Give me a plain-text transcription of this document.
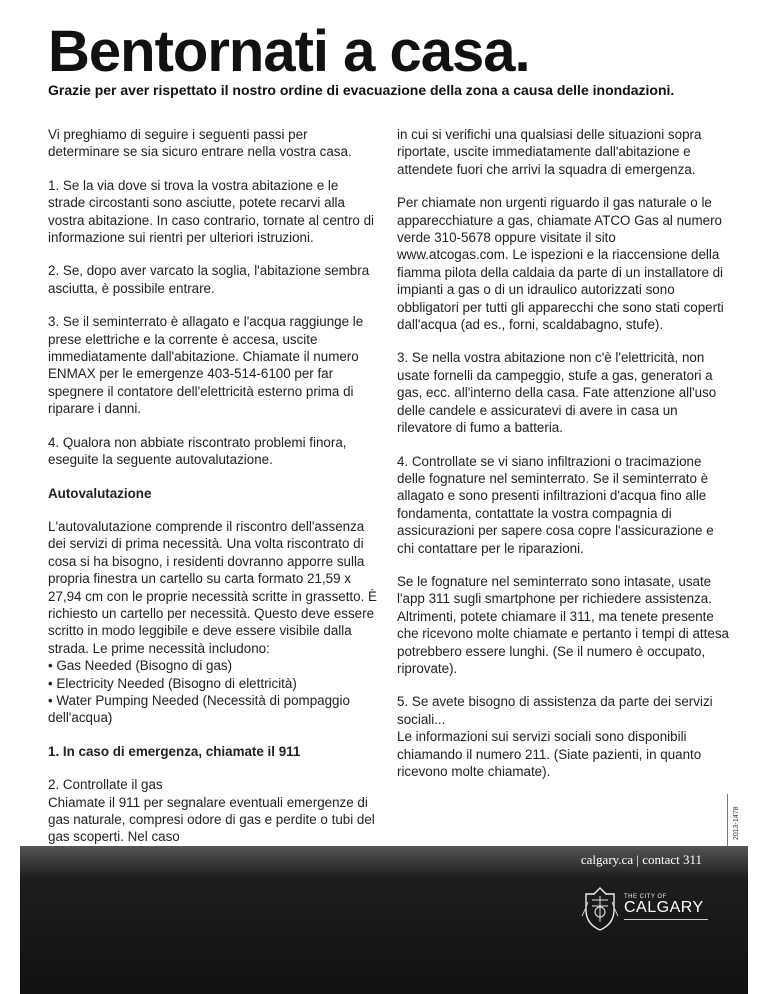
Bentornati a casa.
Grazie per aver rispettato il nostro ordine di evacuazione della zona a causa delle inondazioni.

Vi preghiamo di seguire i seguenti passi per determinare se sia sicuro entrare nella vostra casa.

1. Se la via dove si trova la vostra abitazione e le strade circostanti sono asciutte, potete recarvi alla vostra abitazione. In caso contrario, tornate al centro di informazione sui rientri per ulteriori istruzioni.

2. Se, dopo aver varcato la soglia, l'abitazione sembra asciutta, è possibile entrare.

3. Se il seminterrato è allagato e l'acqua raggiunge le prese elettriche e la corrente è accesa, uscite immediatamente dall'abitazione. Chiamate il numero ENMAX per le emergenze 403-514-6100 per far spegnere il contatore dell'elettricità esterno prima di riparare i danni.

4. Qualora non abbiate riscontrato problemi finora, eseguite la seguente autovalutazione.

Autovalutazione

L'autovalutazione comprende il riscontro dell'assenza dei servizi di prima necessità. Una volta riscontrato di cosa si ha bisogno, i residenti dovranno apporre sulla propria finestra un cartello su carta formato 21,59 x 27,94 cm con le proprie necessità scritte in grassetto. È richiesto un cartello per necessità. Questo deve essere scritto in modo leggibile e deve essere visibile dalla strada. Le prime necessità includono:
• Gas Needed (Bisogno di gas)
• Electricity Needed (Bisogno di elettricità)
• Water Pumping Needed (Necessità di pompaggio dell'acqua)

1. In caso di emergenza, chiamate il 911

2. Controllate il gas
Chiamate il 911 per segnalare eventuali emergenze di gas naturale, compresi odore di gas e perdite o tubi del gas scoperti. Nel caso

in cui si verifichi una qualsiasi delle situazioni sopra riportate, uscite immediatamente dall'abitazione e attendete fuori che arrivi la squadra di emergenza.

Per chiamate non urgenti riguardo il gas naturale o le apparecchiature a gas, chiamate ATCO Gas al numero verde 310-5678 oppure visitate il sito www.atcogas.com. Le ispezioni e la riaccensione della fiamma pilota della caldaia da parte di un installatore di impianti a gas o di un idraulico autorizzati sono obbligatori per tutti gli apparecchi che sono stati coperti dall'acqua (ad es., forni, scaldabagno, stufe).

3. Se nella vostra abitazione non c'è l'elettricità, non usate fornelli da campeggio, stufe a gas, generatori a gas, ecc. all'interno della casa. Fate attenzione all'uso delle candele e assicuratevi di avere in casa un rilevatore di fumo a batteria.

4. Controllate se vi siano infiltrazioni o tracimazione delle fognature nel seminterrato. Se il seminterrato è allagato e sono presenti infiltrazioni d'acqua fino alle fondamenta, contattate la vostra compagnia di assicurazioni per sapere cosa copre l'assicurazione e chi contattare per le riparazioni.

Se le fognature nel seminterrato sono intasate, usate l'app 311 sugli smartphone per richiedere assistenza. Altrimenti, potete chiamare il 311, ma tenete presente che ricevono molte chiamate e pertanto i tempi di attesa potrebbero essere lunghi. (Se il numero è occupato, riprovate).

5. Se avete bisogno di assistenza da parte dei servizi sociali...
Le informazioni sui servizi sociali sono disponibili chiamando il numero 211. (Siate pazienti, in quanto ricevono molte chiamate).
2013-1478
calgary.ca | contact 311
THE CITY OF
CALGARY
